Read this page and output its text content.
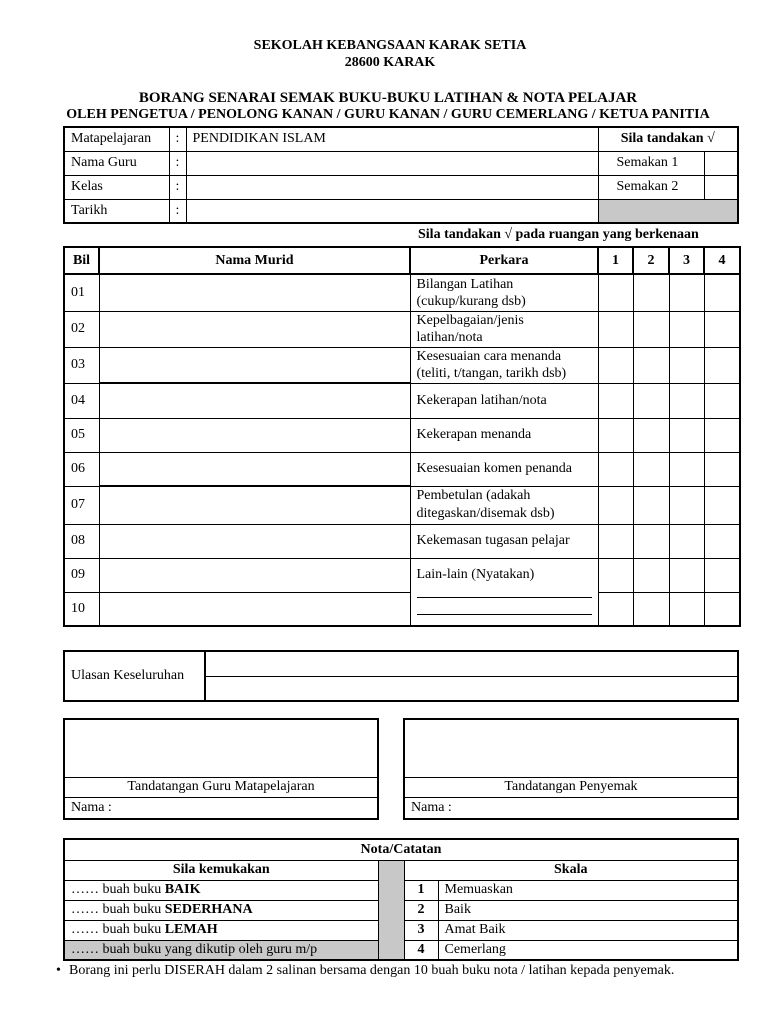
SEKOLAH KEBANGSAAN KARAK SETIA
28600 KARAK
BORANG SENARAI SEMAK BUKU-BUKU LATIHAN & NOTA PELAJAR
OLEH PENGETUA / PENOLONG KANAN / GURU KANAN / GURU CEMERLANG / KETUA PANITIA
Matapelajaran	:	PENDIDIKAN ISLAM	Sila tandakan √	
Nama Guru	:		Semakan 1	
Kelas	:		Semakan 2	
Tarikh	:			
Sila tandakan √ pada ruangan yang berkenaan
Bil	Nama Murid	Perkara	1	2	3	4
01		Bilangan Latihan (cukup/kurang dsb)				
02		Kepelbagaian/jenis latihan/nota				
03		Kesesuaian cara menanda (teliti, t/tangan, tarikh dsb)				
04		Kekerapan latihan/nota				
05		Kekerapan menanda				
06		Kesesuaian komen penanda				
07		Pembetulan (adakah ditegaskan/disemak dsb)				
08		Kekemasan tugasan pelajar				
09		Lain-lain (Nyatakan)				

10						
Ulasan Keseluruhan	

Tandatangan Guru Matapelajaran
Nama :

Tandatangan Penyemak
Nama :
Nota/Catatan			
Sila kemukakan		Skala	
…… buah buku BAIK		1	Memuaskan
…… buah buku SEDERHANA		2	Baik
…… buah buku LEMAH		3	Amat Baik
…… buah buku yang dikutip oleh guru m/p		4	Cemerlang
• Borang ini perlu DISERAH dalam 2 salinan bersama dengan 10 buah buku nota / latihan kepada penyemak.
